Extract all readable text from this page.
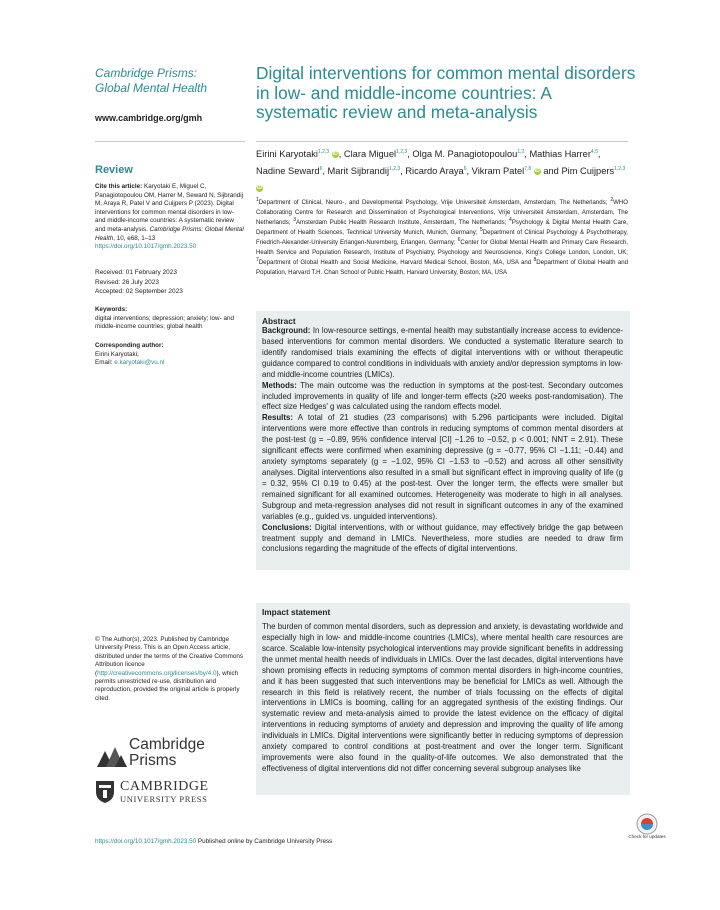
Cambridge Prisms: Global Mental Health
www.cambridge.org/gmh
Review
Cite this article: Karyotaki E, Miguel C, Panagiotopoulou OM, Harrer M, Seward N, Sijbrandij M, Araya R, Patel V and Cuijpers P (2023). Digital interventions for common mental disorders in low- and middle-income countries: A systematic review and meta-analysis. Cambridge Prisms: Global Mental Health, 10, e68, 1–13 https://doi.org/10.1017/gmh.2023.50
Received: 01 February 2023
Revised: 26 July 2023
Accepted: 02 September 2023
Keywords:
digital interventions; depression; anxiety; low- and middle-income countries; global health
Corresponding author:
Eirini Karyotaki;
Email: e.karyotaki@vu.nl
© The Author(s), 2023. Published by Cambridge University Press. This is an Open Access article, distributed under the terms of the Creative Commons Attribution licence (http://creativecommons.org/licenses/by/4.0), which permits unrestricted re-use, distribution and reproduction, provided the original article is properly cited.
Cambridge
Prisms
CAMBRIDGE
UNIVERSITY PRESS
https://doi.org/10.1017/gmh.2023.50 Published online by Cambridge University Press
Digital interventions for common mental disorders in low- and middle-income countries: A systematic review and meta-analysis
Eirini Karyotaki$^{1,2,3}$ iD, Clara Miguel$^{1,2,3}$, Olga M. Panagiotopoulou$^{1,2}$, Mathias Harrer$^{4,5}$, Nadine Seward$^6$, Marit Sijbrandij$^{1,2,3}$, Ricardo Araya$^6$, Vikram Patel$^{7,8}$ iD and Pim Cuijpers$^{1,2,3}$ iD
$^1$Department of Clinical, Neuro-, and Developmental Psychology, Vrije Universiteit Amsterdam, Amsterdam, The Netherlands; $^2$WHO Collaborating Centre for Research and Dissemination of Psychological Interventions, Vrije Universiteit Amsterdam, Amsterdam, The Netherlands; $^3$Amsterdam Public Health Research Institute, Amsterdam, The Netherlands; $^4$Psychology & Digital Mental Health Care, Department of Health Sciences, Technical University Munich, Munich, Germany; $^5$Department of Clinical Psychology & Psychotherapy, Friedrich-Alexander-University Erlangen-Nuremberg, Erlangen, Germany; $^6$Center for Global Mental Health and Primary Care Research, Health Service and Population Research, Institute of Psychiatry, Psychology and Neuroscience, King's College London, London, UK; $^7$Department of Global Health and Social Medicine, Harvard Medical School, Boston, MA, USA and $^8$Department of Global Health and Population, Harvard T.H. Chan School of Public Health, Harvard University, Boston, MA, USA
Abstract

Background: In low-resource settings, e-mental health may substantially increase access to evidence-based interventions for common mental disorders. We conducted a systematic literature search to identify randomised trials examining the effects of digital interventions with or without therapeutic guidance compared to control conditions in individuals with anxiety and/or depression symptoms in low- and middle-income countries (LMICs).

Methods: The main outcome was the reduction in symptoms at the post-test. Secondary outcomes included improvements in quality of life and longer-term effects (≥20 weeks post-randomisation). The effect size Hedges' g was calculated using the random effects model.

Results: A total of 21 studies (23 comparisons) with 5.296 participants were included. Digital interventions were more effective than controls in reducing symptoms of common mental disorders at the post-test (g = −0.89, 95% confidence interval [CI] −1.26 to −0.52, p < 0.001; NNT = 2.91). These significant effects were confirmed when examining depressive (g = −0.77, 95% CI −1.11; −0.44) and anxiety symptoms separately (g = −1.02, 95% CI −1.53 to −0.52) and across all other sensitivity analyses. Digital interventions also resulted in a small but significant effect in improving quality of life (g = 0.32, 95% CI 0.19 to 0.45) at the post-test. Over the longer term, the effects were smaller but remained significant for all examined outcomes. Heterogeneity was moderate to high in all analyses. Subgroup and meta-regression analyses did not result in significant outcomes in any of the examined variables (e.g., guided vs. unguided interventions).

Conclusions: Digital interventions, with or without guidance, may effectively bridge the gap between treatment supply and demand in LMICs. Nevertheless, more studies are needed to draw firm conclusions regarding the magnitude of the effects of digital interventions.

Impact statement

The burden of common mental disorders, such as depression and anxiety, is devastating worldwide and especially high in low- and middle-income countries (LMICs), where mental health care resources are scarce. Scalable low-intensity psychological interventions may provide significant benefits in addressing the unmet mental health needs of individuals in LMICs. Over the last decades, digital interventions have shown promising effects in reducing symptoms of common mental disorders in high-income countries, and it has been suggested that such interventions may be beneficial for LMICs as well. Although the research in this field is relatively recent, the number of trials focussing on the effects of digital interventions in LMICs is booming, calling for an aggregated synthesis of the existing findings. Our systematic review and meta-analysis aimed to provide the latest evidence on the efficacy of digital interventions in reducing symptoms of anxiety and depression and improving the quality of life among individuals in LMICs. Digital interventions were significantly better in reducing symptoms of depression anxiety compared to control conditions at post-treatment and over the longer term. Significant improvements were also found in the quality-of-life outcomes. We also demonstrated that the effectiveness of digital interventions did not differ concerning several subgroup analyses like

Check for updates
